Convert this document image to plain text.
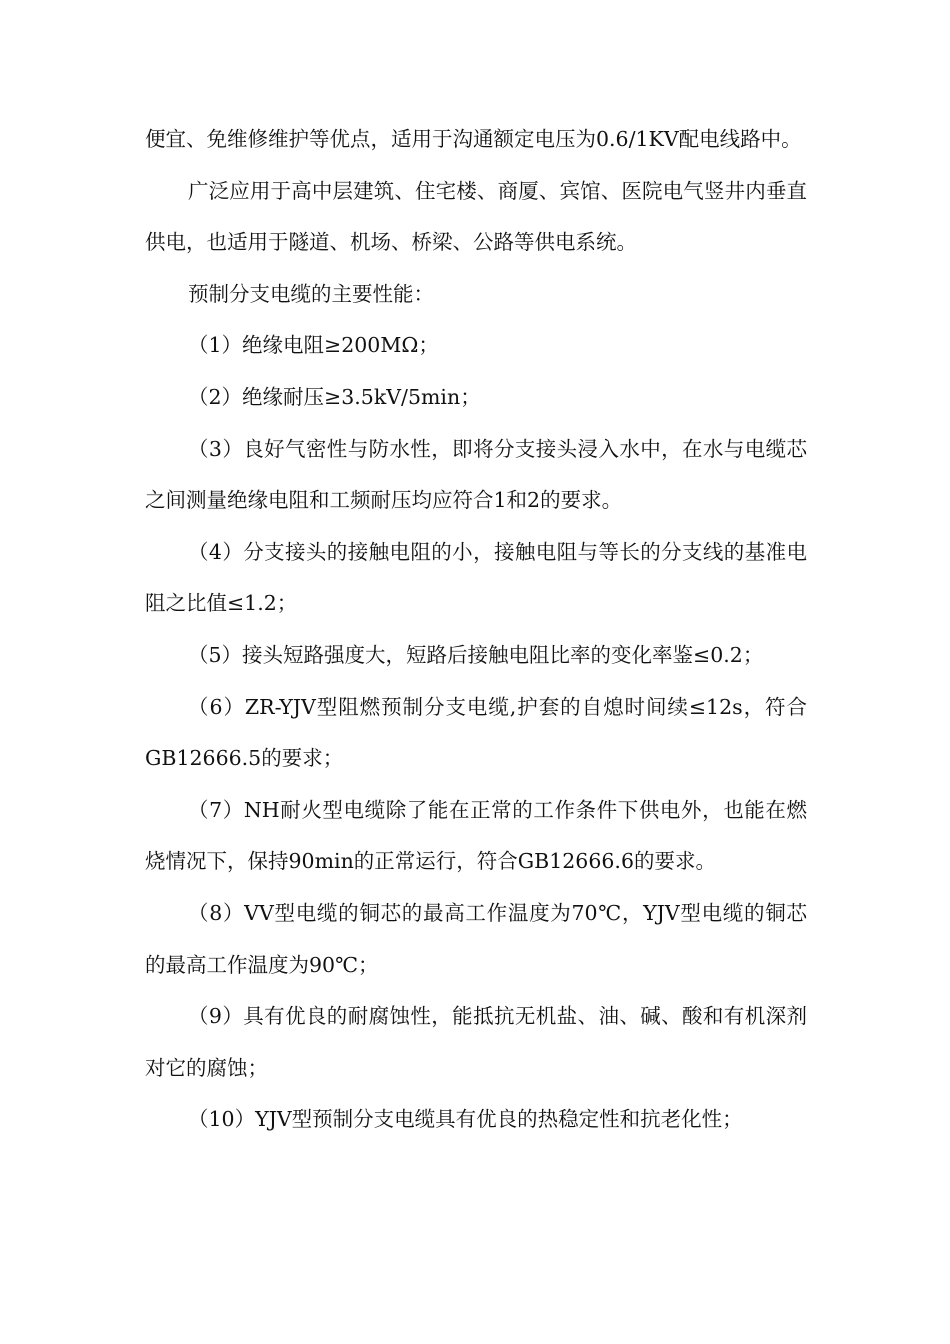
便宜、免维修维护等优点，适用于沟通额定电压为0.6/1KV配电线路中。

广泛应用于高中层建筑、住宅楼、商厦、宾馆、医院电气竖井内垂直供电，也适用于隧道、机场、桥梁、公路等供电系统。

预制分支电缆的主要性能：

（1）绝缘电阻≥200MΩ；

（2）绝缘耐压≥3.5kV/5min；

（3）良好气密性与防水性，即将分支接头浸入水中，在水与电缆芯之间测量绝缘电阻和工频耐压均应符合1和2的要求。

（4）分支接头的接触电阻的小，接触电阻与等长的分支线的基准电阻之比值≤1.2；

（5）接头短路强度大，短路后接触电阻比率的变化率鉴≤0.2；

（6）ZR-YJV型阻燃预制分支电缆,护套的自熄时间续≤12s，符合GB12666.5的要求；

（7）NH耐火型电缆除了能在正常的工作条件下供电外，也能在燃烧情况下，保持90min的正常运行，符合GB12666.6的要求。

（8）VV型电缆的铜芯的最高工作温度为70℃，YJV型电缆的铜芯的最高工作温度为90℃；

（9）具有优良的耐腐蚀性，能抵抗无机盐、油、碱、酸和有机深剂对它的腐蚀；

（10）YJV型预制分支电缆具有优良的热稳定性和抗老化性；
